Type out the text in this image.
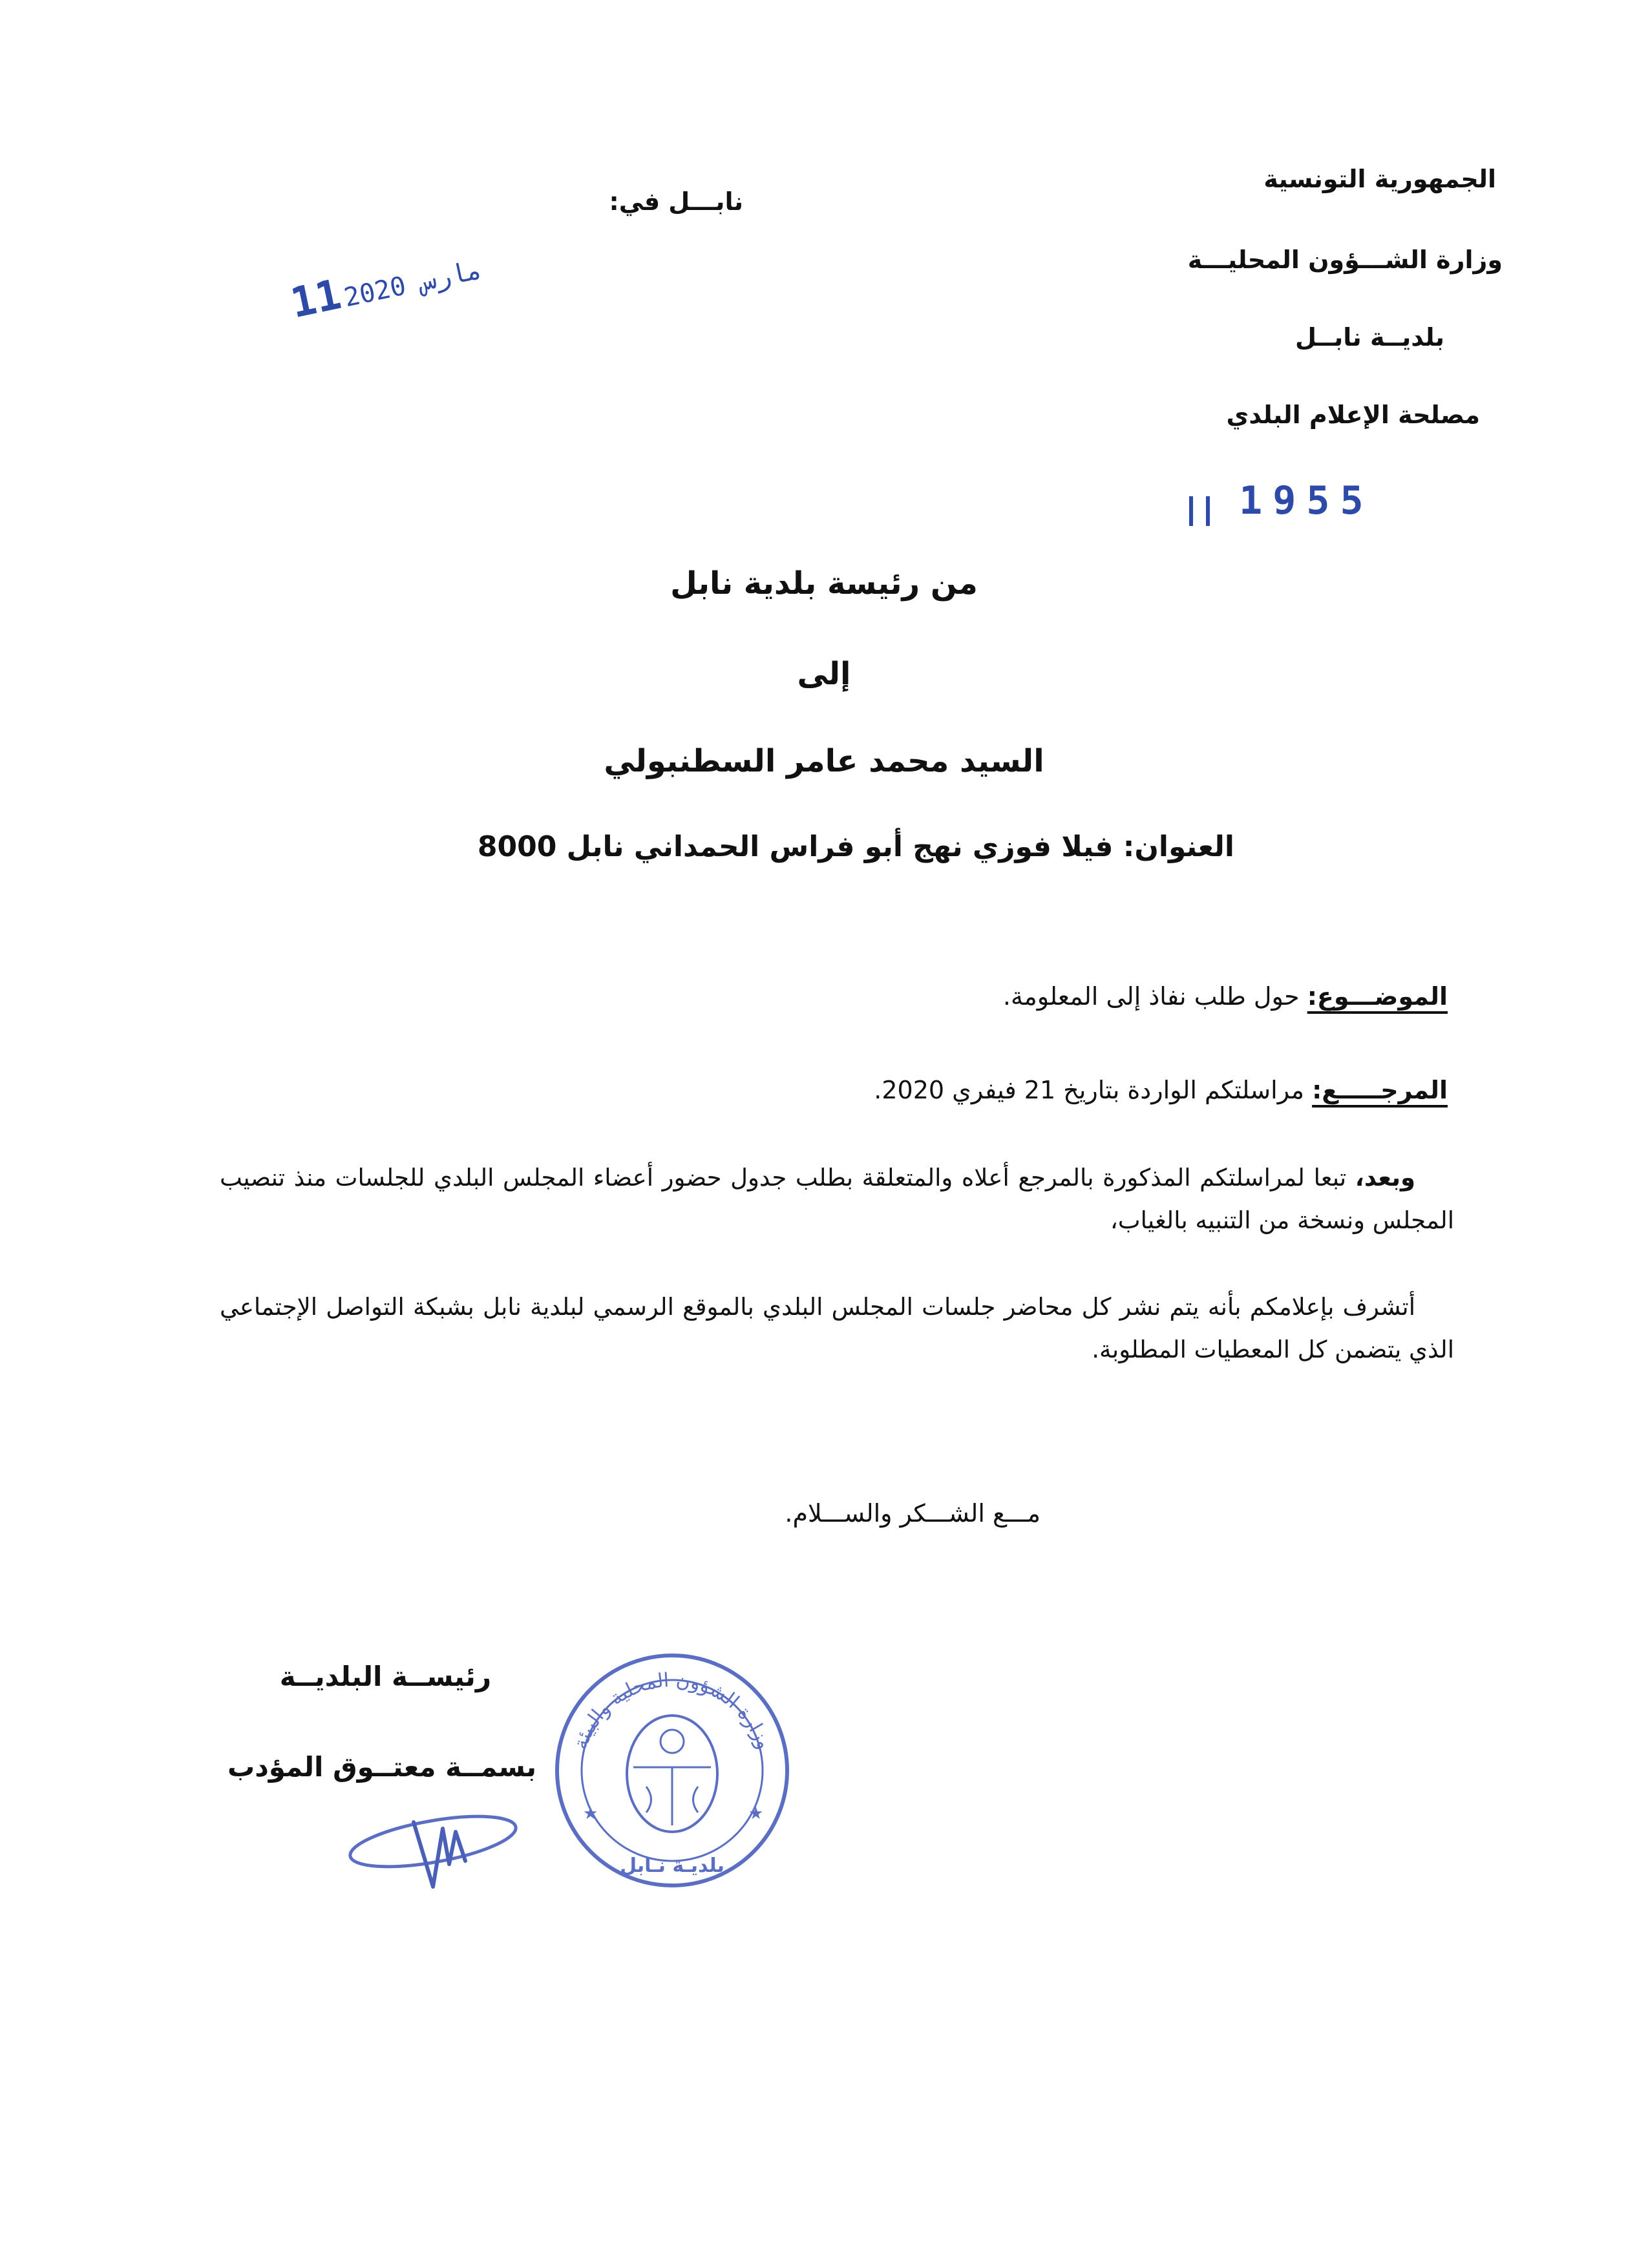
الجمهورية التونسية
وزارة الشـــؤون المحليـــة
بلديــة نابــل
مصلحة الإعلام البلدي
نابـــل في:
مارس 2020 11
1955
من رئيسة بلدية نابل
إلى
السيد محمد عامر السطنبولي
العنوان: فيلا فوزي نهج أبو فراس الحمداني نابل 8000
الموضـــوع: حول طلب نفاذ إلى المعلومة.
المرجـــــع: مراسلتكم الواردة بتاريخ 21 فيفري 2020.
وبعد، تبعا لمراسلتكم المذكورة بالمرجع أعلاه والمتعلقة بطلب جدول حضور أعضاء المجلس البلدي للجلسات منذ تنصيب المجلس ونسخة من التنبيه بالغياب،
أتشرف بإعلامكم بأنه يتم نشر كل محاضر جلسات المجلس البلدي بالموقع الرسمي لبلدية نابل بشبكة التواصل الإجتماعي الذي يتضمن كل المعطيات المطلوبة.
مـــع الشـــكر والســـلام.
رئيســة البلديــة
بسمــة معتــوق المؤدب
وزارة الشؤون المحلية والبيئة
★	★
بلديـة نـابل
